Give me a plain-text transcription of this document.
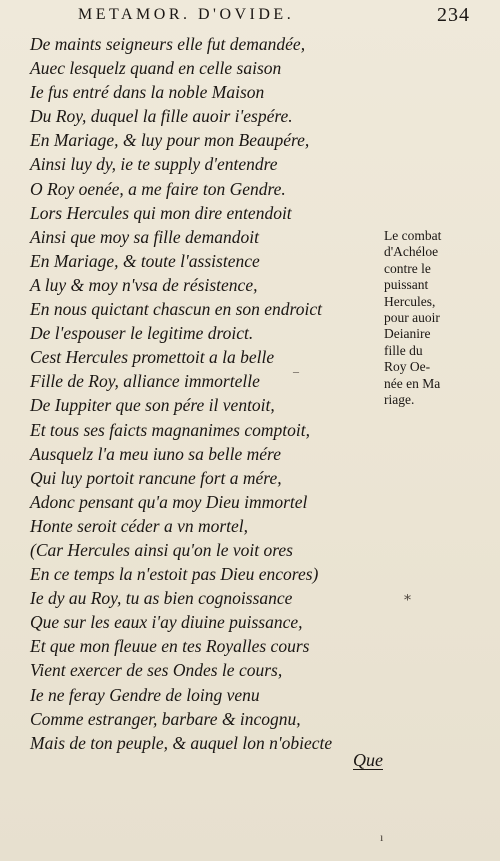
METAMOR. D'OVIDE.	234
De maints seigneurs elle fut demandée,
Auec lesquelz quand en celle saison
Ie fus entré dans la noble Maison
Du Roy, duquel la fille auoir i'espére.
En Mariage, & luy pour mon Beaupére,
Ainsi luy dy, ie te supply d'entendre
O Roy oenée, a me faire ton Gendre.
Lors Hercules qui mon dire entendoit
Ainsi que moy sa fille demandoit
En Mariage, & toute l'assistence
A luy & moy n'vsa de résistence,
En nous quictant chascun en son endroict
De l'espouser le legitime droict.
Cest Hercules promettoit a la belle
Fille de Roy, alliance immortelle
De Iuppiter que son pére il ventoit,
Et tous ses faicts magnanimes comptoit,
Ausquelz l'a meu iuno sa belle mére
Qui luy portoit rancune fort a mére,
Adonc pensant qu'a moy Dieu immortel
Honte seroit céder a vn mortel,
(Car Hercules ainsi qu'on le voit ores
En ce temps la n'estoit pas Dieu encores)
Ie dy au Roy, tu as bien cognoissance
Que sur les eaux i'ay diuine puissance,
Et que mon fleuue en tes Royalles cours
Vient exercer de ses Ondes le cours,
Ie ne feray Gendre de loing venu
Comme estranger, barbare & incognu,
Mais de ton peuple, & auquel lon n'obiecte
Le combat
d'Achéloe
contre le
puissant
Hercules,
pour auoir
Deianire
fille du
Roy Oe-
née en Ma
riage.
Que
‒
⁎
ı
